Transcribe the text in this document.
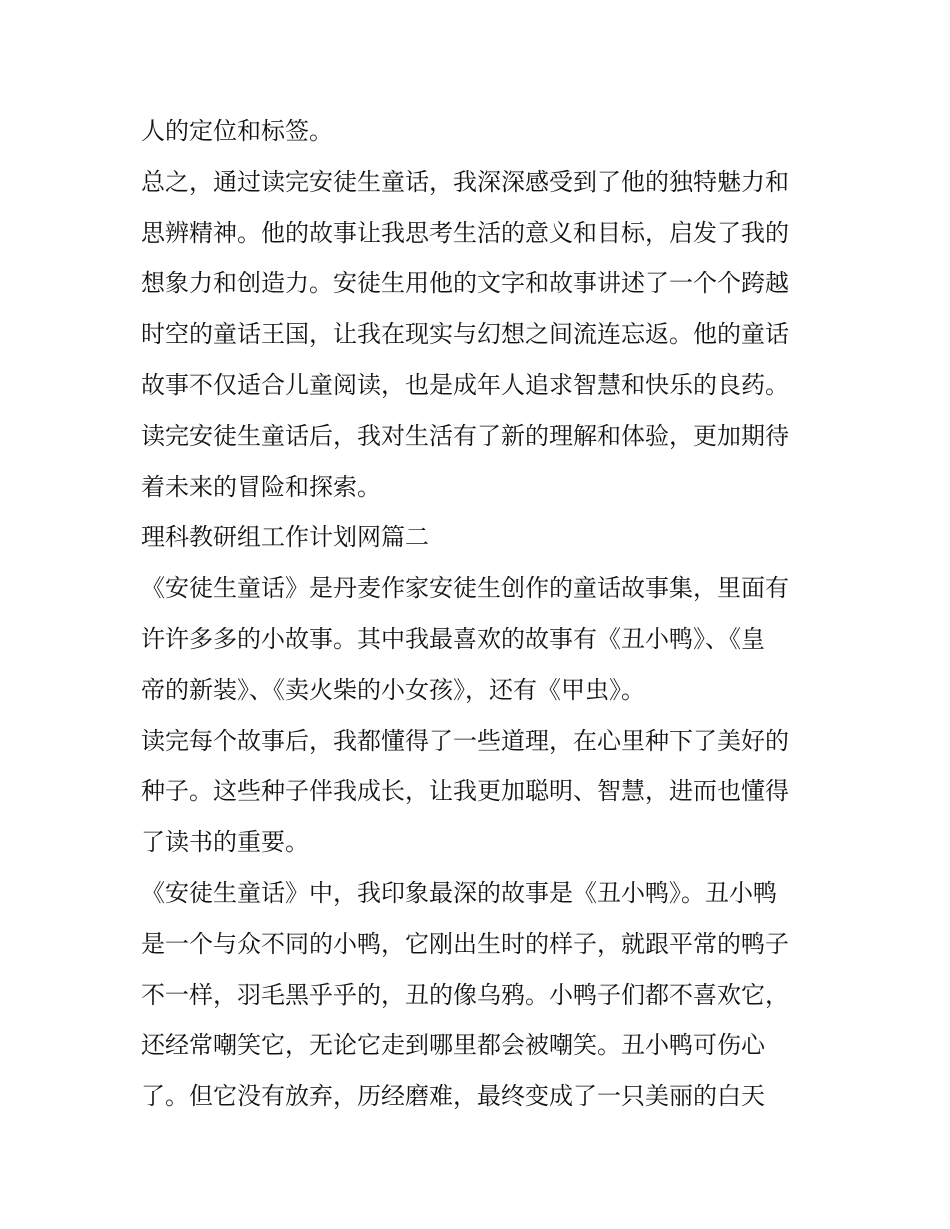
人的定位和标签。
总之，通过读完安徒生童话，我深深感受到了他的独特魅力和
思辨精神。他的故事让我思考生活的意义和目标，启发了我的
想象力和创造力。安徒生用他的文字和故事讲述了一个个跨越
时空的童话王国，让我在现实与幻想之间流连忘返。他的童话
故事不仅适合儿童阅读，也是成年人追求智慧和快乐的良药。
读完安徒生童话后，我对生活有了新的理解和体验，更加期待
着未来的冒险和探索。
理科教研组工作计划网篇二
《安徒生童话》是丹麦作家安徒生创作的童话故事集，里面有
许许多多的小故事。其中我最喜欢的故事有《丑小鸭》、《皇
帝的新装》、《卖火柴的小女孩》，还有《甲虫》。
读完每个故事后，我都懂得了一些道理，在心里种下了美好的
种子。这些种子伴我成长，让我更加聪明、智慧，进而也懂得
了读书的重要。
《安徒生童话》中，我印象最深的故事是《丑小鸭》。丑小鸭
是一个与众不同的小鸭，它刚出生时的样子，就跟平常的鸭子
不一样，羽毛黑乎乎的，丑的像乌鸦。小鸭子们都不喜欢它，
还经常嘲笑它，无论它走到哪里都会被嘲笑。丑小鸭可伤心
了。但它没有放弃，历经磨难，最终变成了一只美丽的白天
